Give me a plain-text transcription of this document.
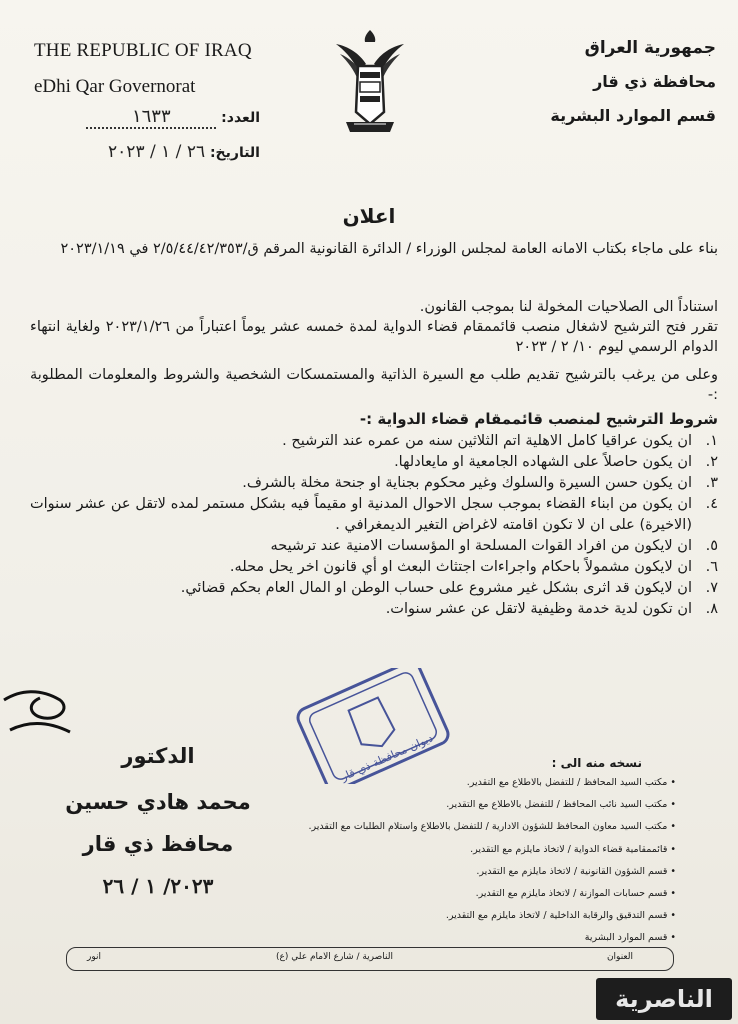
THE REPUBLIC OF IRAQ
eDhi Qar Governorat
جمهورية العراق
محافظة ذي قار
قسم الموارد البشرية
العدد: ١٦٣٣
التاريخ: ٢٦ / ١ / ٢٠٢٣
اعلان

بناء على ماجاء بكتاب الامانه العامة لمجلس الوزراء / الدائرة القانونية المرقم ق/٢/٥/٤٤/٤٢/٣٥٣ في ٢٠٢٣/١/١٩

استناداً الى الصلاحيات المخولة لنا بموجب القانون.

تقرر فتح الترشيح لاشغال منصب قائممقام قضاء الدواية لمدة خمسه عشر يوماً اعتباراً من ٢٠٢٣/١/٢٦ ولغاية انتهاء الدوام الرسمي ليوم ١٠/ ٢ / ٢٠٢٣

وعلى من يرغب بالترشيح تقديم طلب مع السيرة الذاتية والمستمسكات الشخصية والشروط والمعلومات المطلوبة :-

شروط الترشيح لمنصب قائممقام قضاء الدواية :-
١.
ان يكون عراقيا كامل الاهلية اتم الثلاثين سنه من عمره عند الترشيح .
٢.
ان يكون حاصلاً على الشهاده الجامعية او مايعادلها.
٣.
ان يكون حسن السيرة والسلوك وغير محكوم بجناية او جنحة مخلة بالشرف.
٤.
ان يكون من ابناء القضاء بموجب سجل الاحوال المدنية او مقيماً فيه بشكل مستمر لمده لاتقل عن عشر سنوات (الاخيرة) على ان لا تكون اقامته لاغراض التغير الديمغرافي .
٥.
ان لايكون من افراد القوات المسلحة او المؤسسات الامنية عند ترشيحه
٦.
ان لايكون مشمولاً باحكام واجراءات اجتثاث البعث او أي قانون اخر يحل محله.
٧.
ان لايكون قد اثرى بشكل غير مشروع على حساب الوطن او المال العام بحكم قضائي.
٨.
ان تكون لدية خدمة وظيفية لاتقل عن عشر سنوات.
الدكتور
محمد هادي حسين
محافظ ذي قار
٢٠٢٣/ ١ / ٢٦
ديوان محافظة ذي قار	نسخه منه الى :
• مكتب السيد المحافظ / للتفضل بالاطلاع مع التقدير.
• مكتب السيد نائب المحافظ / للتفضل بالاطلاع مع التقدير.
• مكتب السيد معاون المحافظ للشؤون الادارية / للتفضل بالاطلاع واستلام الطلبات مع التقدير.
• قائممقامية قضاء الدواية / لاتخاذ مايلزم مع التقدير.
• قسم الشؤون القانونية / لاتخاذ مايلزم مع التقدير.
• قسم حسابات الموازنة / لاتخاذ مايلزم مع التقدير.
• قسم التدقيق والرقابة الداخلية / لاتخاذ مايلزم مع التقدير.
• قسم الموارد البشرية
العنوان
الناصرية / شارع الامام علي (ع)
انور
الناصرية
